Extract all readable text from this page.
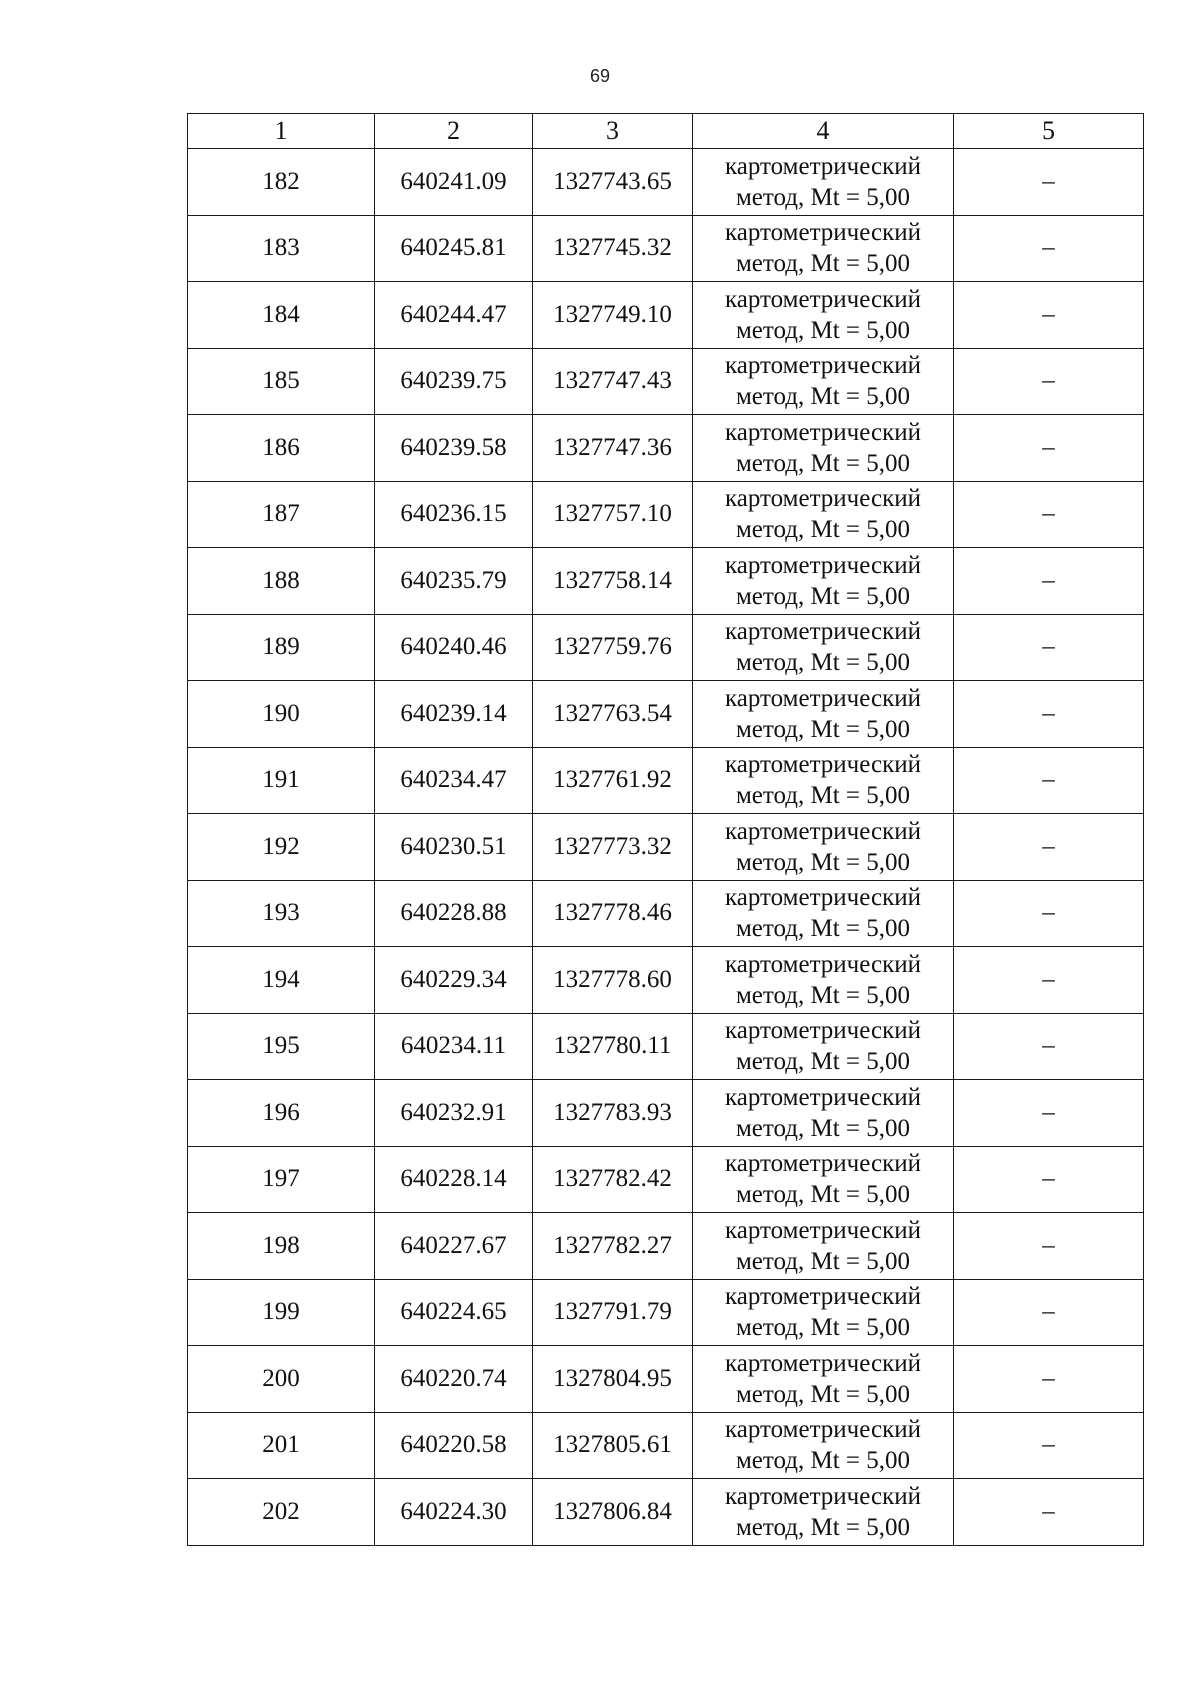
69
1	2	3	4	5
182	640241.09	1327743.65	картометрический
метод, Mt = 5,00	–
183	640245.81	1327745.32	картометрический
метод, Mt = 5,00	–
184	640244.47	1327749.10	картометрический
метод, Mt = 5,00	–
185	640239.75	1327747.43	картометрический
метод, Mt = 5,00	–
186	640239.58	1327747.36	картометрический
метод, Mt = 5,00	–
187	640236.15	1327757.10	картометрический
метод, Mt = 5,00	–
188	640235.79	1327758.14	картометрический
метод, Mt = 5,00	–
189	640240.46	1327759.76	картометрический
метод, Mt = 5,00	–
190	640239.14	1327763.54	картометрический
метод, Mt = 5,00	–
191	640234.47	1327761.92	картометрический
метод, Mt = 5,00	–
192	640230.51	1327773.32	картометрический
метод, Mt = 5,00	–
193	640228.88	1327778.46	картометрический
метод, Mt = 5,00	–
194	640229.34	1327778.60	картометрический
метод, Mt = 5,00	–
195	640234.11	1327780.11	картометрический
метод, Mt = 5,00	–
196	640232.91	1327783.93	картометрический
метод, Mt = 5,00	–
197	640228.14	1327782.42	картометрический
метод, Mt = 5,00	–
198	640227.67	1327782.27	картометрический
метод, Mt = 5,00	–
199	640224.65	1327791.79	картометрический
метод, Mt = 5,00	–
200	640220.74	1327804.95	картометрический
метод, Mt = 5,00	–
201	640220.58	1327805.61	картометрический
метод, Mt = 5,00	–
202	640224.30	1327806.84	картометрический
метод, Mt = 5,00	–
